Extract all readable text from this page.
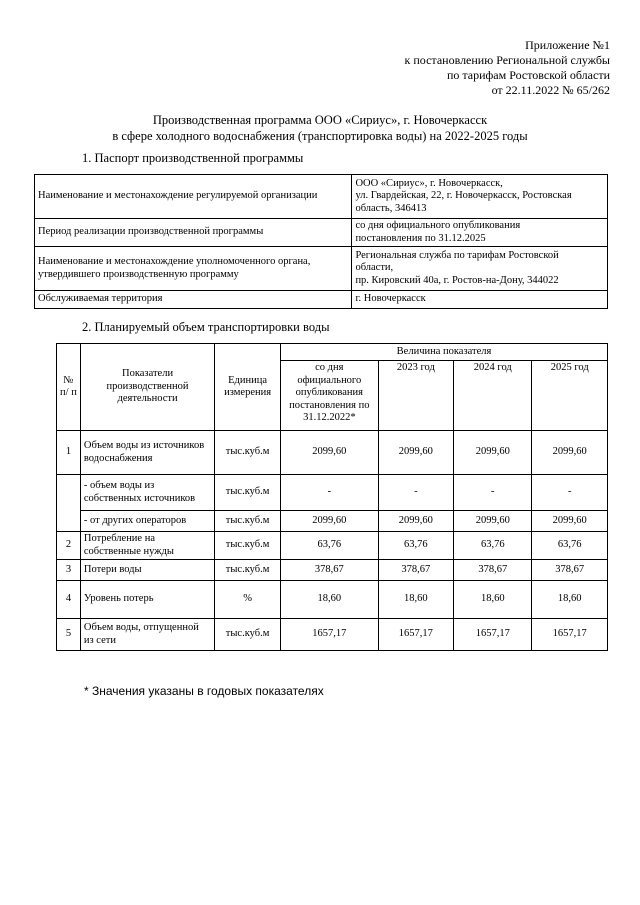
Приложение №1
к постановлению Региональной службы
по тарифам Ростовской области
от 22.11.2022 № 65/262
Производственная программа ООО «Сириус», г. Новочеркасск
в сфере холодного водоснабжения (транспортировка воды) на 2022-2025 годы
1. Паспорт производственной программы
Наименование и местонахождение регулируемой организации	ООО «Сириус», г. Новочеркасск,
ул. Гвардейская, 22, г. Новочеркасск, Ростовская
область, 346413

Период реализации производственной программы	со дня официального опубликования
постановления по 31.12.2025

Наименование и местонахождение уполномоченного органа, утвердившего производственную программу	Региональная служба по тарифам Ростовской
области,
пр. Кировский 40а, г. Ростов-на-Дону, 344022

Обслуживаемая территория	г. Новочеркасск
2. Планируемый объем транспортировки воды
№ п/ п	Показатели производственной деятельности	Единица измерения	Величина показателя			
			со дня официального опубликования постановления по 31.12.2022*	2023 год	2024 год	2025 год
1	Объем воды из источников водоснабжения	тыс.куб.м	2099,60	2099,60	2099,60	2099,60
	- объем воды из собственных источников	тыс.куб.м	-	-	-	-
	- от других операторов	тыс.куб.м	2099,60	2099,60	2099,60	2099,60
2	Потребление на собственные нужды	тыс.куб.м	63,76	63,76	63,76	63,76
3	Потери воды	тыс.куб.м	378,67	378,67	378,67	378,67
4	Уровень потерь	%	18,60	18,60	18,60	18,60
5	Объем воды, отпущенной из сети	тыс.куб.м	1657,17	1657,17	1657,17	1657,17
* Значения указаны в годовых показателях
